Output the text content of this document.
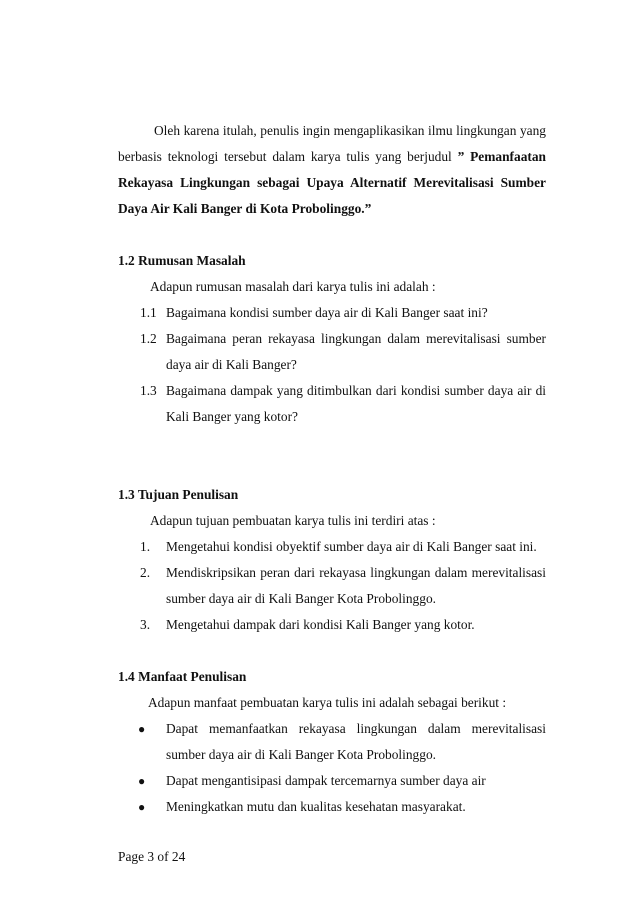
Oleh karena itulah, penulis ingin mengaplikasikan ilmu lingkungan yang berbasis teknologi tersebut dalam karya tulis yang berjudul ” Pemanfaatan Rekayasa Lingkungan sebagai Upaya Alternatif Merevitalisasi Sumber Daya Air Kali Banger di Kota Probolinggo.”

1.2 Rumusan Masalah

Adapun rumusan masalah dari karya tulis ini adalah :

1.1 Bagaimana kondisi sumber daya air di Kali Banger saat ini?
1.2 Bagaimana peran rekayasa lingkungan dalam merevitalisasi sumber daya air di Kali Banger?
1.3 Bagaimana dampak yang ditimbulkan dari kondisi sumber daya air di Kali Banger yang kotor?

1.3 Tujuan Penulisan

Adapun tujuan pembuatan karya tulis ini terdiri atas :

1.	Mengetahui kondisi obyektif sumber daya air di Kali Banger saat ini.
2.	Mendiskripsikan peran dari rekayasa lingkungan dalam merevitalisasi sumber daya air di Kali Banger Kota Probolinggo.
3.	Mengetahui dampak dari kondisi Kali Banger yang kotor.

1.4 Manfaat Penulisan

Adapun manfaat pembuatan karya tulis ini adalah sebagai berikut :

●	Dapat memanfaatkan rekayasa lingkungan dalam merevitalisasi sumber daya air di Kali Banger Kota Probolinggo.
●	Dapat mengantisipasi dampak tercemarnya sumber daya air
●	Meningkatkan mutu dan kualitas kesehatan masyarakat.
Page 3 of 24
